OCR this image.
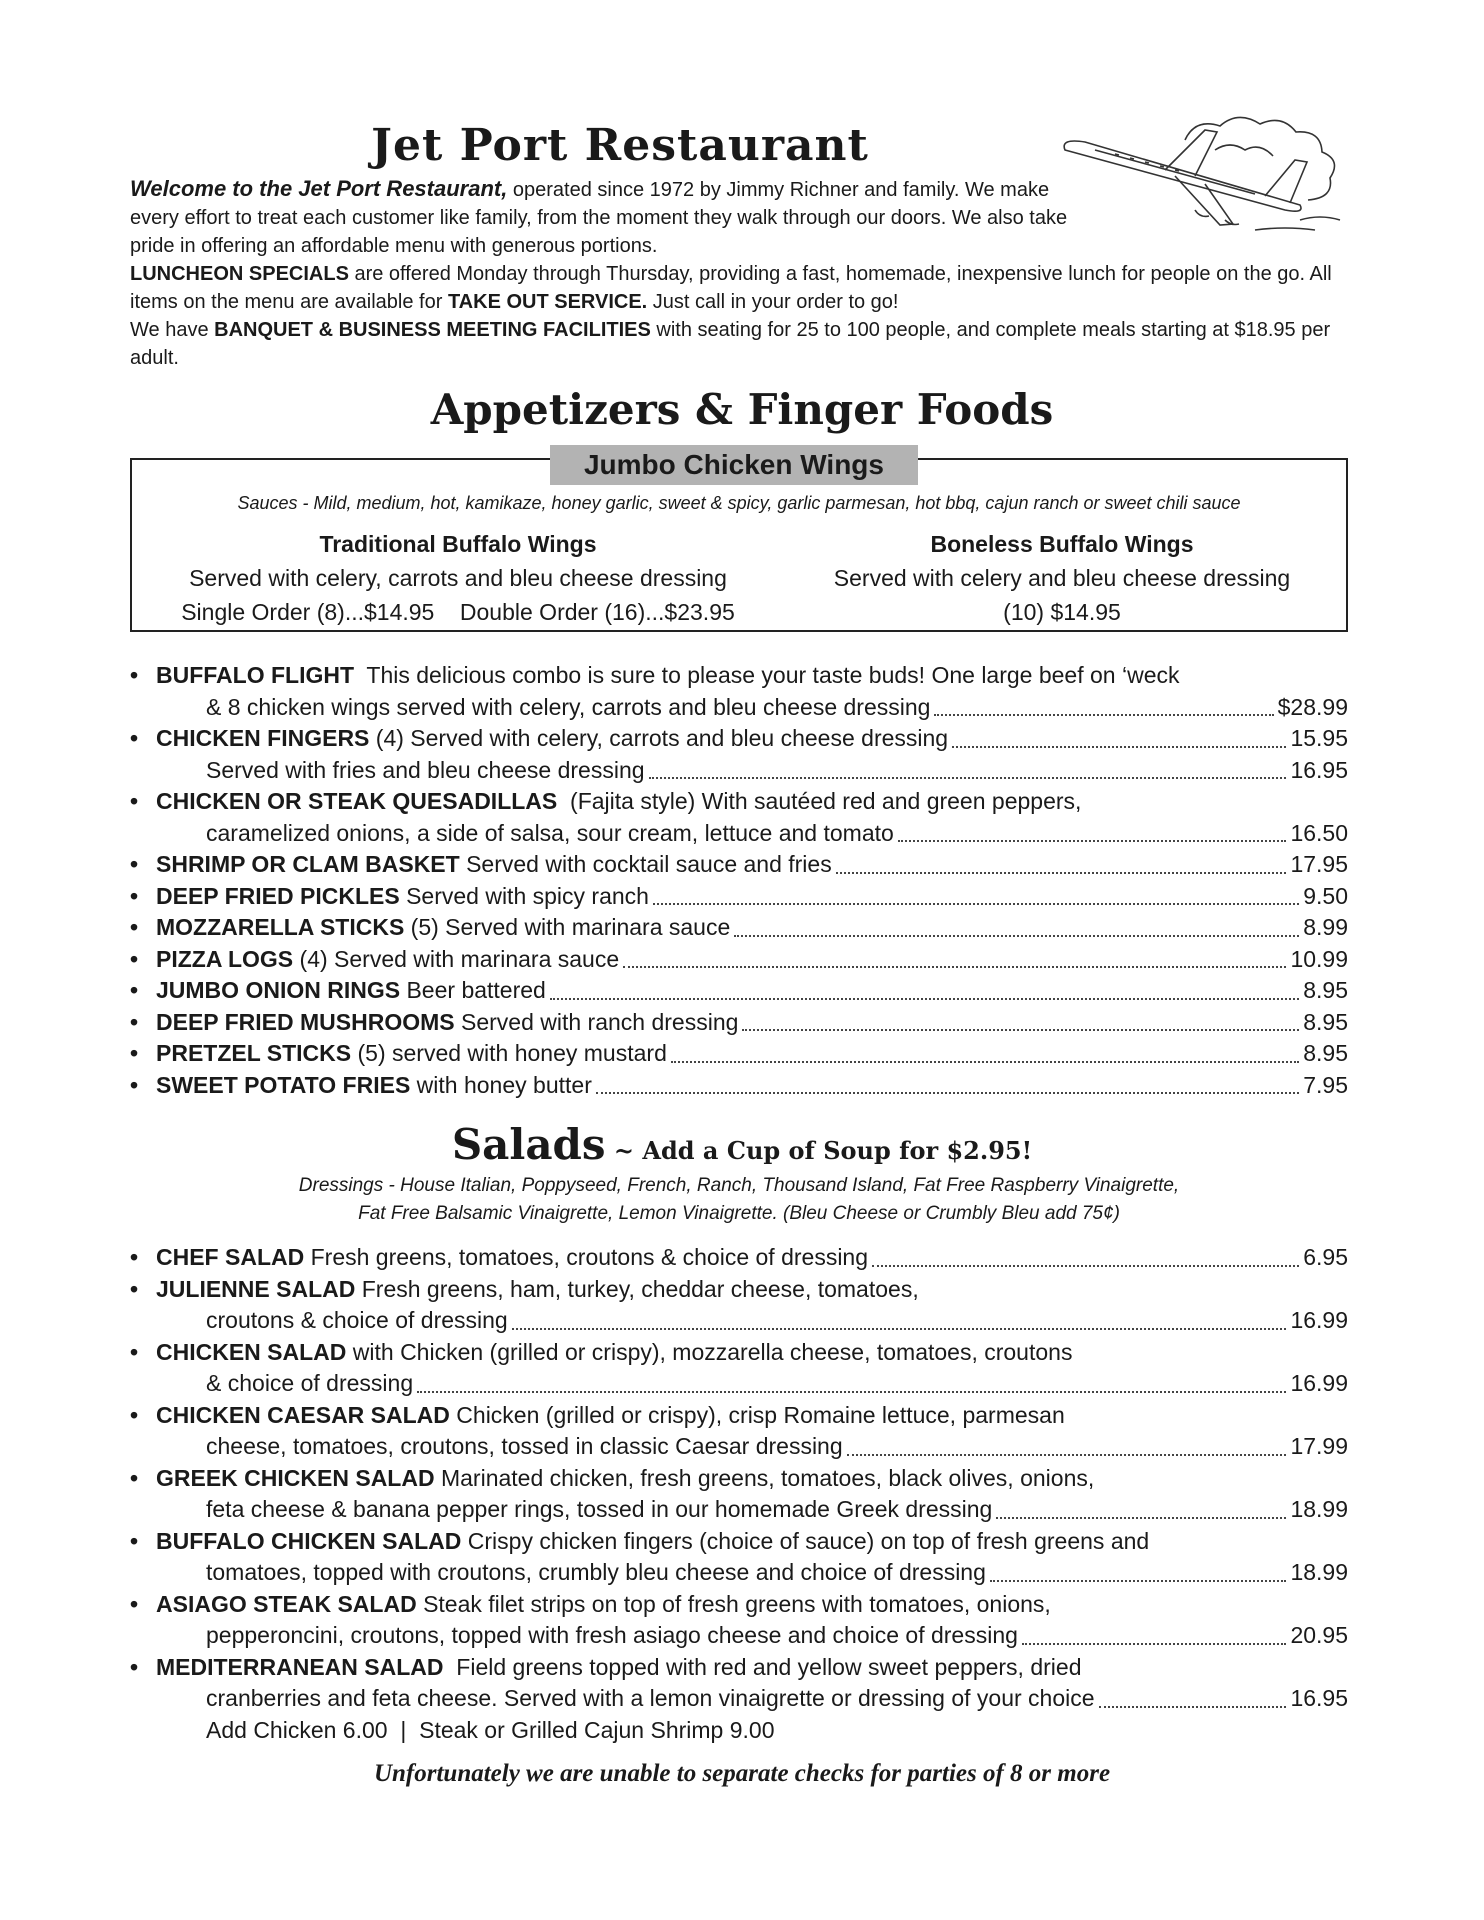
Jet Port Restaurant

Welcome to the Jet Port Restaurant, operated since 1972 by Jimmy Richner and family. We make every effort to treat each customer like family, from the moment they walk through our doors. We also take pride in offering an affordable menu with generous portions.

LUNCHEON SPECIALS are offered Monday through Thursday, providing a fast, homemade, inexpensive lunch for people on the go. All items on the menu are available for TAKE OUT SERVICE. Just call in your order to go!

We have BANQUET & BUSINESS MEETING FACILITIES with seating for 25 to 100 people, and complete meals starting at $18.95 per adult.

Appetizers & Finger Foods
Jumbo Chicken Wings
Sauces - Mild, medium, hot, kamikaze, honey garlic, sweet & spicy, garlic parmesan, hot bbq, cajun ranch or sweet chili sauce
Traditional Buffalo Wings
Served with celery, carrots and bleu cheese dressing
Single Order (8)...$14.95    Double Order (16)...$23.95
Boneless Buffalo Wings
Served with celery and bleu cheese dressing
(10) $14.95
• BUFFALO FLIGHT  This delicious combo is sure to please your taste buds! One large beef on ‘weck
& 8 chicken wings served with celery, carrots and bleu cheese dressing	$28.99
• CHICKEN FINGERS (4) Served with celery, carrots and bleu cheese dressing	15.95
Served with fries and bleu cheese dressing	16.95
• CHICKEN OR STEAK QUESADILLAS  (Fajita style) With sautéed red and green peppers,
caramelized onions, a side of salsa, sour cream, lettuce and tomato	16.50
• SHRIMP OR CLAM BASKET Served with cocktail sauce and fries	17.95
• DEEP FRIED PICKLES Served with spicy ranch	9.50
• MOZZARELLA STICKS (5) Served with marinara sauce	8.99
• PIZZA LOGS (4) Served with marinara sauce	10.99
• JUMBO ONION RINGS Beer battered	8.95
• DEEP FRIED MUSHROOMS Served with ranch dressing	8.95
• PRETZEL STICKS (5) served with honey mustard	8.95
• SWEET POTATO FRIES with honey butter	7.95
Salads ~ Add a Cup of Soup for $2.95!
Dressings - House Italian, Poppyseed, French, Ranch, Thousand Island, Fat Free Raspberry Vinaigrette,
Fat Free Balsamic Vinaigrette, Lemon Vinaigrette. (Bleu Cheese or Crumbly Bleu add 75¢)
• CHEF SALAD Fresh greens, tomatoes, croutons & choice of dressing	6.95
• JULIENNE SALAD Fresh greens, ham, turkey, cheddar cheese, tomatoes,
croutons & choice of dressing	16.99
• CHICKEN SALAD with Chicken (grilled or crispy), mozzarella cheese, tomatoes, croutons
& choice of dressing	16.99
• CHICKEN CAESAR SALAD Chicken (grilled or crispy), crisp Romaine lettuce, parmesan
cheese, tomatoes, croutons, tossed in classic Caesar dressing	17.99
• GREEK CHICKEN SALAD Marinated chicken, fresh greens, tomatoes, black olives, onions,
feta cheese & banana pepper rings, tossed in our homemade Greek dressing	18.99
• BUFFALO CHICKEN SALAD Crispy chicken fingers (choice of sauce) on top of fresh greens and
tomatoes, topped with croutons, crumbly bleu cheese and choice of dressing	18.99
• ASIAGO STEAK SALAD Steak filet strips on top of fresh greens with tomatoes, onions,
pepperoncini, croutons, topped with fresh asiago cheese and choice of dressing	20.95
• MEDITERRANEAN SALAD  Field greens topped with red and yellow sweet peppers, dried
cranberries and feta cheese. Served with a lemon vinaigrette or dressing of your choice	16.95
Add Chicken 6.00  |  Steak or Grilled Cajun Shrimp 9.00
Unfortunately we are unable to separate checks for parties of 8 or more
